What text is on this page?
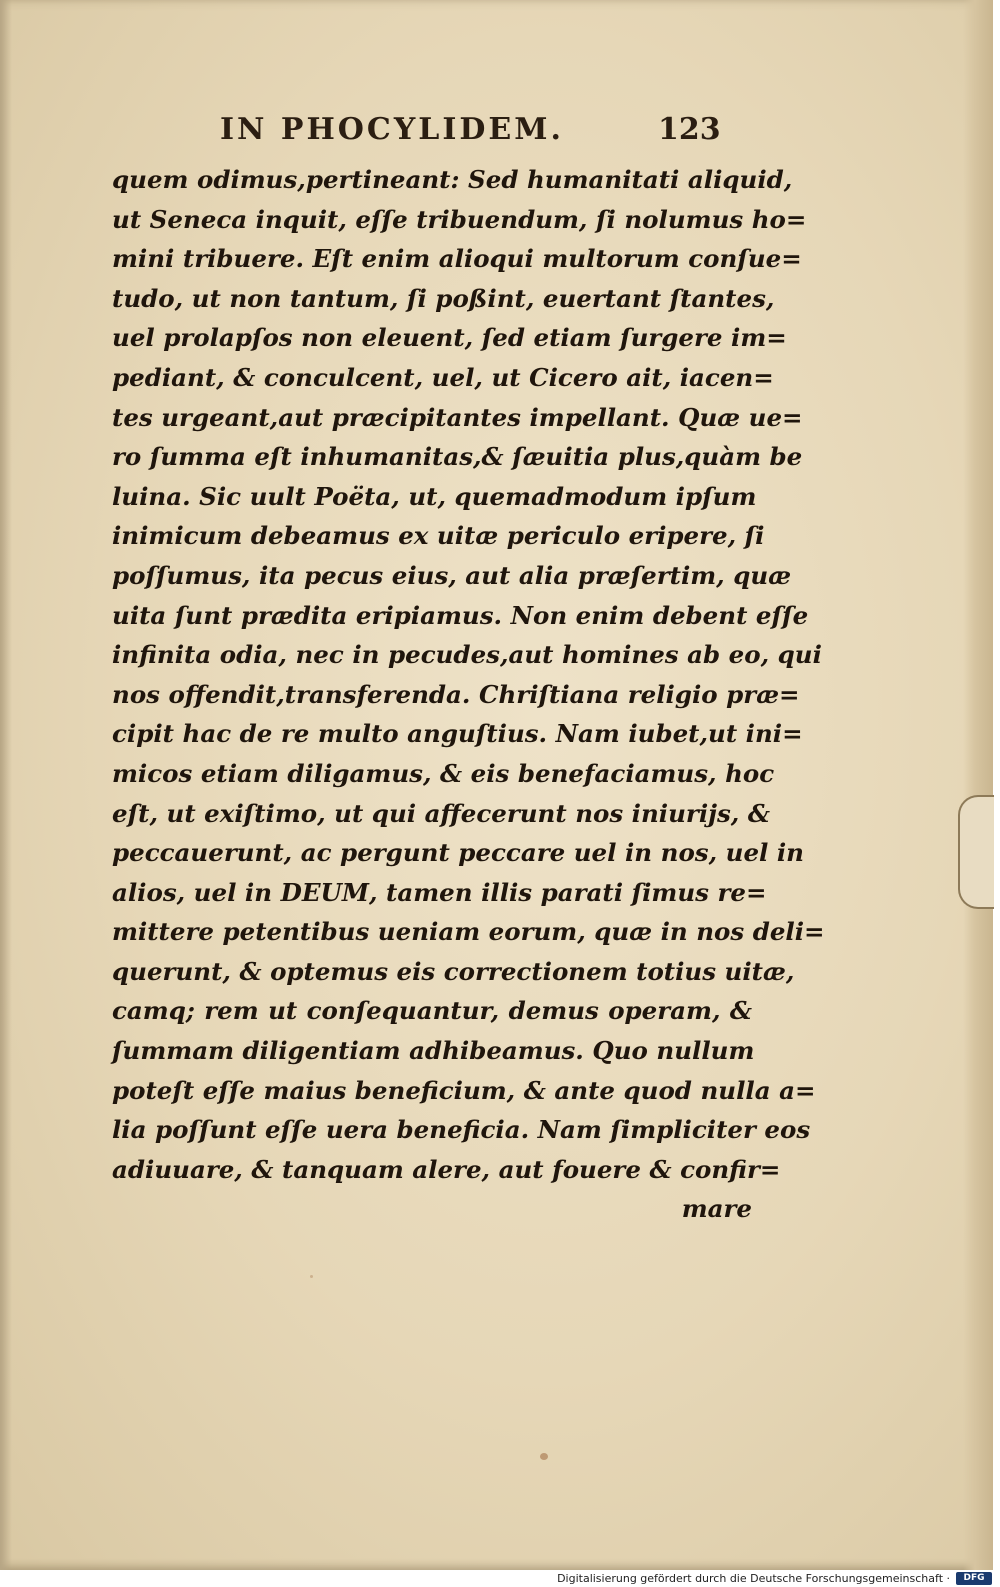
IN PHOCYLIDEM.	123
quem odimus,pertineant: Sed humanitati aliquid,
ut Seneca inquit, eſſe tribuendum, ſi nolumus ho=
mini tribuere. Eſt enim alioqui multorum conſue=
tudo, ut non tantum, ſi poßint, euertant ſtantes,
uel prolapſos non eleuent, ſed etiam ſurgere im=
pediant, & conculcent, uel, ut Cicero ait, iacen=
tes urgeant,aut præcipitantes impellant. Quæ ue=
ro ſumma eſt inhumanitas,& ſæuitia plus,quàm be
luina. Sic uult Poëta, ut, quemadmodum ipſum
inimicum debeamus ex uitæ periculo eripere, ſi
poſſumus, ita pecus eius, aut alia præſertim, quæ
uita ſunt prædita eripiamus. Non enim debent eſſe
infinita odia, nec in pecudes,aut homines ab eo, qui
nos offendit,transferenda. Chriſtiana religio præ=
cipit hac de re multo anguſtius. Nam iubet,ut ini=
micos etiam diligamus, & eis benefaciamus, hoc
eſt, ut exiſtimo, ut qui affecerunt nos iniurijs, &
peccauerunt, ac pergunt peccare uel in nos, uel in
alios, uel in DEUM, tamen illis parati ſimus re=
mittere petentibus ueniam eorum, quæ in nos deli=
querunt, & optemus eis correctionem totius uitæ,
camq; rem ut conſequantur, demus operam, &
ſummam diligentiam adhibeamus. Quo nullum
poteſt eſſe maius beneficium, & ante quod nulla a=
lia poſſunt eſſe uera beneficia. Nam ſimpliciter eos
adiuuare, & tanquam alere, aut fouere & confir=
mare
Digitalisierung gefördert durch die Deutsche Forschungsgemeinschaft ·	DFG
